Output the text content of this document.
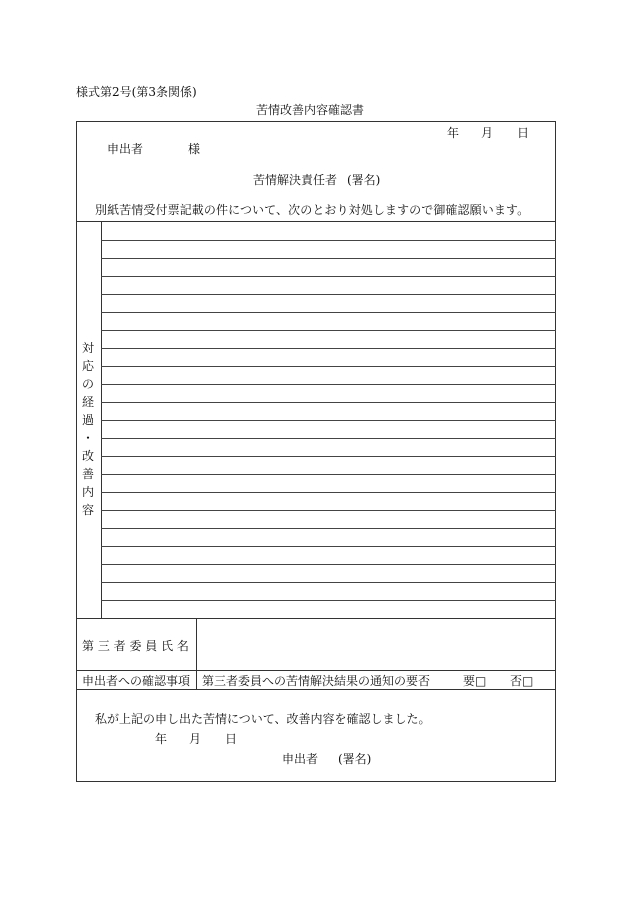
様式第2号(第3条関係)
苦情改善内容確認書
年 月 日
申出者	様
苦情解決責任者 (署名)
別紙苦情受付票記載の件について、次のとおり対処しますので御確認願います。
対
応
の
経
過
・
改
善
内
容
第 三 者 委 員 氏 名
申出者への確認事項 第三者委員への苦情解決結果の通知の要否	要□ 否□
私が上記の申し出た苦情について、改善内容を確認しました。
年 月 日
申出者 (署名)
